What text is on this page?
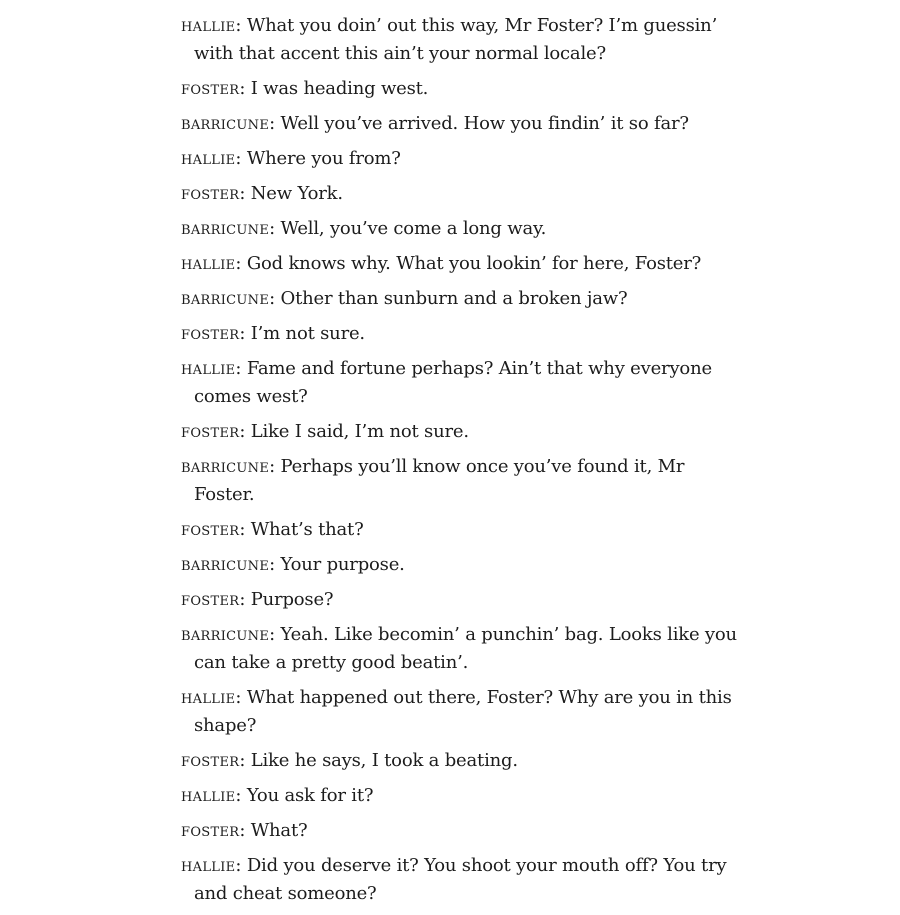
hallie: What you doin’ out this way, Mr Foster? I’m guessin’ with that accent this ain’t your normal locale?

foster: I was heading west.

barricune: Well you’ve arrived. How you findin’ it so far?

hallie: Where you from?

foster: New York.

barricune: Well, you’ve come a long way.

hallie: God knows why. What you lookin’ for here, Foster?

barricune: Other than sunburn and a broken jaw?

foster: I’m not sure.

hallie: Fame and fortune perhaps? Ain’t that why everyone comes west?

foster: Like I said, I’m not sure.

barricune: Perhaps you’ll know once you’ve found it, Mr Foster.

foster: What’s that?

barricune: Your purpose.

foster: Purpose?

barricune: Yeah. Like becomin’ a punchin’ bag. Looks like you can take a pretty good beatin’.

hallie: What happened out there, Foster? Why are you in this shape?

foster: Like he says, I took a beating.

hallie: You ask for it?

foster: What?

hallie: Did you deserve it? You shoot your mouth off? You try and cheat someone?
